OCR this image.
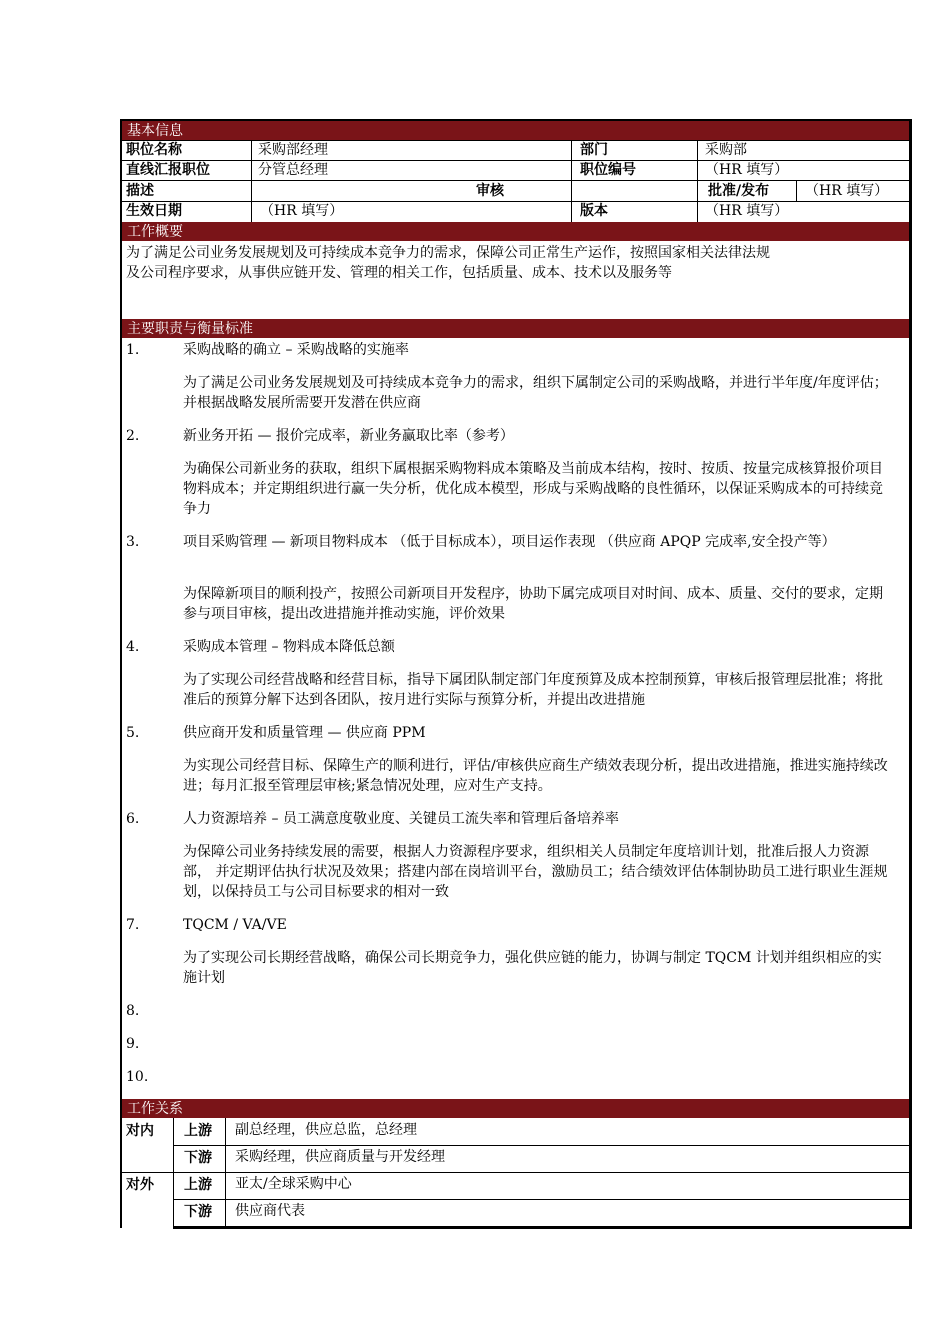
基本信息
职位名称	采购部经理	部门	采购部
直线汇报职位	分管总经理	职位编号	（HR 填写）
描述	审核	批准/发布	（HR 填写）
生效日期	（HR 填写）	版本	（HR 填写）
工作概要
为了满足公司业务发展规划及可持续成本竞争力的需求，保障公司正常生产运作，按照国家相关法律法规
及公司程序要求，从事供应链开发、管理的相关工作，包括质量、成本、技术以及服务等
主要职责与衡量标准
1.	采购战略的确立 – 采购战略的实施率
为了满足公司业务发展规划及可持续成本竞争力的需求，组织下属制定公司的采购战略，并进行半年度/年度评估；并根据战略发展所需要开发潜在供应商
2.	新业务开拓 — 报价完成率，新业务赢取比率（参考）
为确保公司新业务的获取，组织下属根据采购物料成本策略及当前成本结构，按时、按质、按量完成核算报价项目物料成本；并定期组织进行赢一失分析，优化成本模型，形成与采购战略的良性循环，以保证采购成本的可持续竞争力
3.	项目采购管理 — 新项目物料成本 （低于目标成本），项目运作表现 （供应商 APQP 完成率,安全投产等）
为保障新项目的顺利投产，按照公司新项目开发程序，协助下属完成项目对时间、成本、质量、交付的要求，定期参与项目审核，提出改进措施并推动实施，评价效果
4.	采购成本管理 – 物料成本降低总额
为了实现公司经营战略和经营目标，指导下属团队制定部门年度预算及成本控制预算，审核后报管理层批准；将批准后的预算分解下达到各团队，按月进行实际与预算分析，并提出改进措施
5.	供应商开发和质量管理 — 供应商 PPM
为实现公司经营目标、保障生产的顺利进行，评估/审核供应商生产绩效表现分析，提出改进措施，推进实施持续改进；每月汇报至管理层审核;紧急情况处理，应对生产支持。
6.	人力资源培养 – 员工满意度敬业度、关键员工流失率和管理后备培养率
为保障公司业务持续发展的需要，根据人力资源程序要求，组织相关人员制定年度培训计划，批准后报人力资源部， 并定期评估执行状况及效果；搭建内部在岗培训平台，激励员工；结合绩效评估体制协助员工进行职业生涯规划，以保持员工与公司目标要求的相对一致
7.	TQCM / VA/VE
为了实现公司长期经营战略，确保公司长期竞争力，强化供应链的能力，协调与制定 TQCM 计划并组织相应的实施计划
8.
9.
10.
工作关系
对内 上游 副总经理，供应总监，总经理
下游 采购经理，供应商质量与开发经理
对外 上游 亚太/全球采购中心
下游 供应商代表
